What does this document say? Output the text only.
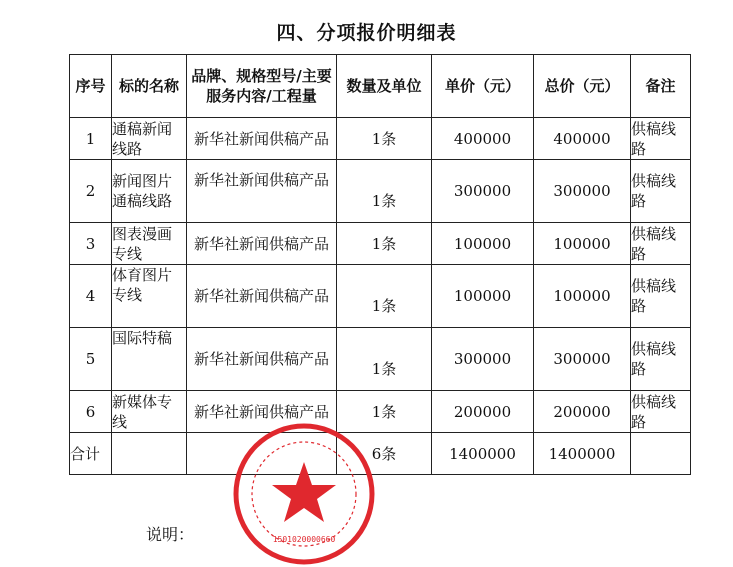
四、分项报价明细表
序号	标的名称	品牌、规格型号/主要服务内容/工程量	数量及单位	单价（元）	总价（元）	备注
1	通稿新闻线路	新华社新闻供稿产品	1条	400000	400000	供稿线路
2	新闻图片通稿线路	新华社新闻供稿产品	1条	300000	300000	供稿线路
3	图表漫画专线	新华社新闻供稿产品	1条	100000	100000	供稿线路
4	体育图片专线	新华社新闻供稿产品	1条	100000	100000	供稿线路
5	国际特稿	新华社新闻供稿产品	1条	300000	300000	供稿线路
6	新媒体专线	新华社新闻供稿产品	1条	200000	200000	供稿线路
合计			6条	1400000	1400000	
1501020000660
说明：
